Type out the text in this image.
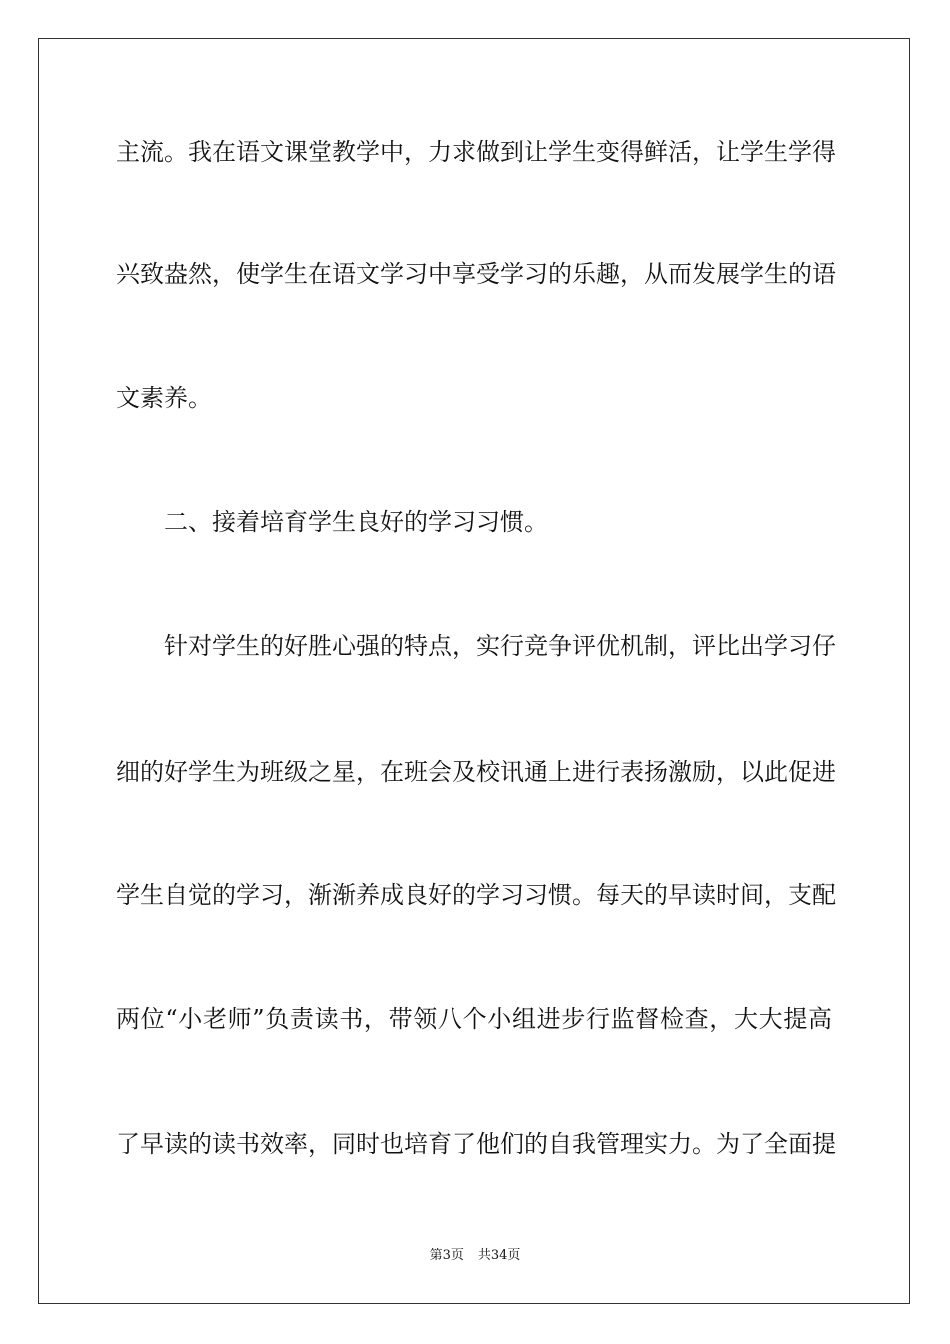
主流。我在语文课堂教学中，力求做到让学生变得鲜活，让学生学得
兴致盎然，使学生在语文学习中享受学习的乐趣，从而发展学生的语
文素养。
二、接着培育学生良好的学习习惯。
针对学生的好胜心强的特点，实行竞争评优机制，评比出学习仔
细的好学生为班级之星，在班会及校讯通上进行表扬激励，以此促进
学生自觉的学习，渐渐养成良好的学习习惯。每天的早读时间，支配
两位“小老师”负责读书，带领八个小组进步行监督检查，大大提高
了早读的读书效率，同时也培育了他们的自我管理实力。为了全面提
第3页 共34页
